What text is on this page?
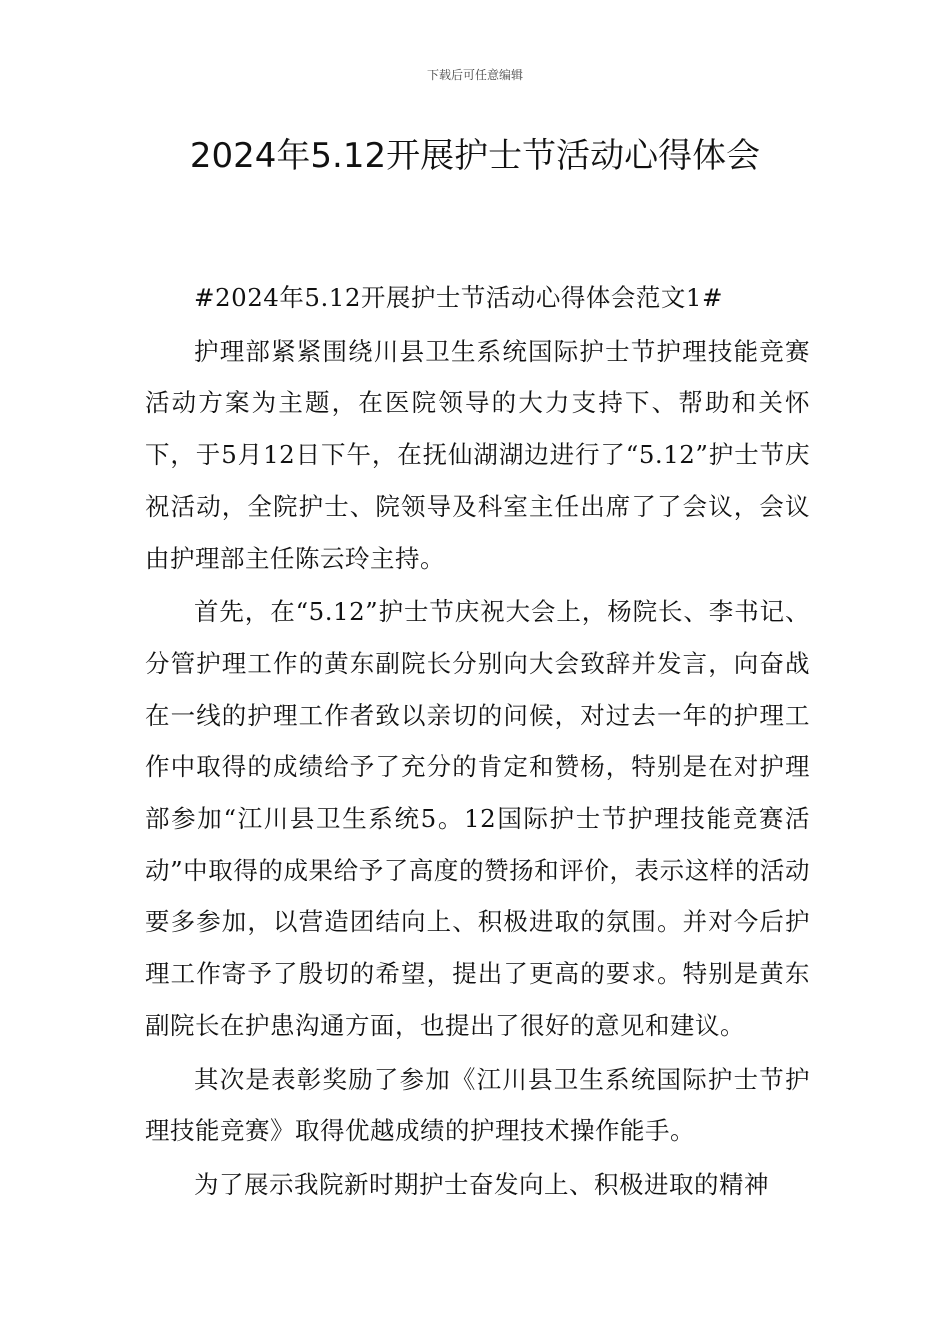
下载后可任意编辑
2024年5.12开展护士节活动心得体会

#2024年5.12开展护士节活动心得体会范文1#

护理部紧紧围绕川县卫生系统国际护士节护理技能竞赛活动方案为主题，在医院领导的大力支持下、帮助和关怀下，于5月12日下午，在抚仙湖湖边进行了“5.12”护士节庆祝活动，全院护士、院领导及科室主任出席了了会议，会议由护理部主任陈云玲主持。

首先，在“5.12”护士节庆祝大会上，杨院长、李书记、分管护理工作的黄东副院长分别向大会致辞并发言，向奋战在一线的护理工作者致以亲切的问候，对过去一年的护理工作中取得的成绩给予了充分的肯定和赞杨，特别是在对护理部参加“江川县卫生系统5。12国际护士节护理技能竞赛活动”中取得的成果给予了高度的赞扬和评价，表示这样的活动要多参加，以营造团结向上、积极进取的氛围。并对今后护理工作寄予了殷切的希望，提出了更高的要求。特别是黄东副院长在护患沟通方面，也提出了很好的意见和建议。

其次是表彰奖励了参加《江川县卫生系统国际护士节护理技能竞赛》取得优越成绩的护理技术操作能手。

为了展示我院新时期护士奋发向上、积极进取的精神
